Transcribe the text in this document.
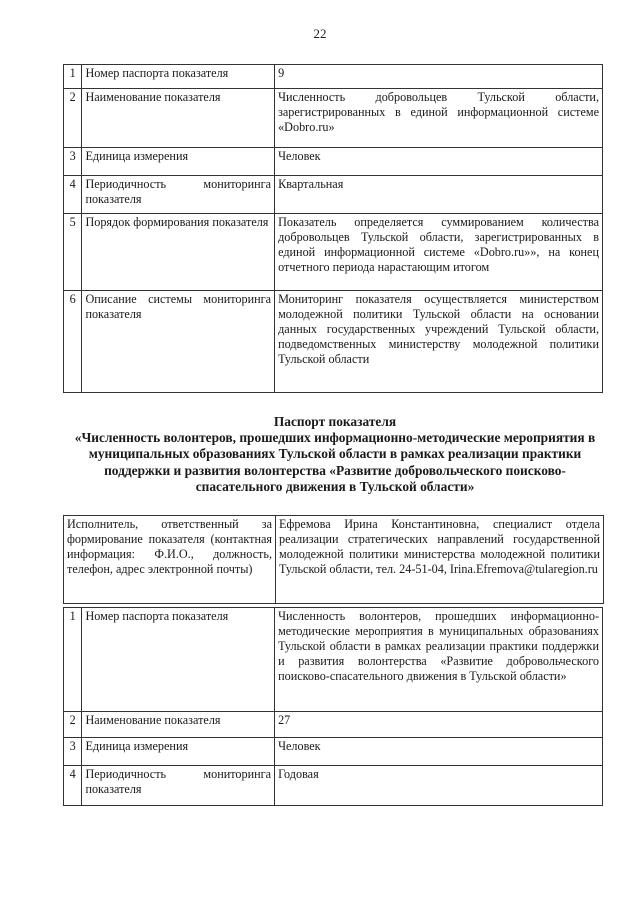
22
1	Номер паспорта показателя	9
2	Наименование показателя	Численность добровольцев Тульской области, зарегистрированных в единой информационной системе «Dobro.ru»
3	Единица измерения	Человек
4	Периодичность мониторинга показателя	Квартальная
5	Порядок формирования показателя	Показатель определяется суммированием количества добровольцев Тульской области, зарегистрированных в единой информационной системе «Dobro.ru»», на конец отчетного периода нарастающим итогом
6	Описание системы мониторинга показателя	Мониторинг показателя осуществляется министерством молодежной политики Тульской области на основании данных государственных учреждений Тульской области, подведомственных министерству молодежной политики Тульской области
Паспорт показателя
«Численность волонтеров, прошедших информационно-методические мероприятия в муниципальных образованиях Тульской области в рамках реализации практики поддержки и развития волонтерства «Развитие добровольческого поисково-спасательного движения в Тульской области»
Исполнитель, ответственный за формирование показателя (контактная информация: Ф.И.О., должность, телефон, адрес электронной почты)	Ефремова Ирина Константиновна, специалист отдела реализации стратегических направлений государственной молодежной политики министерства молодежной политики Тульской области, тел. 24-51-04, Irina.Efremova@tularegion.ru
1	Номер паспорта показателя	Численность волонтеров, прошедших информационно-методические мероприятия в муниципальных образованиях Тульской области в рамках реализации практики поддержки и развития волонтерства «Развитие добровольческого поисково-спасательного движения в Тульской области»
2	Наименование показателя	27
3	Единица измерения	Человек
4	Периодичность мониторинга показателя	Годовая
